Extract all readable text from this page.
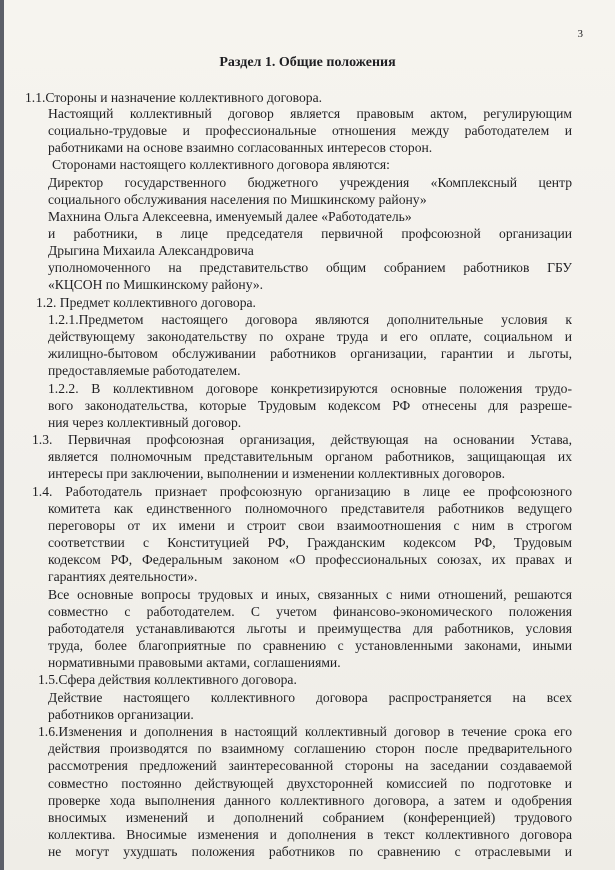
3
Раздел 1. Общие положения
1.1.Стороны и назначение коллективного договора.
Настоящий коллективный договор является правовым актом, регулирующим
социально-трудовые и профессиональные отношения между работодателем и
работниками на основе взаимно согласованных интересов сторон.
Сторонами настоящего коллективного договора являются:
Директор государственного бюджетного учреждения «Комплексный центр
социального обслуживания населения по Мишкинскому району»
Махнина Ольга Алексеевна, именуемый далее «Работодатель»
и работники, в лице председателя первичной профсоюзной организации
Дрыгина Михаила Александровича
уполномоченного на представительство общим собранием работников ГБУ
«КЦСОН по Мишкинскому району».
1.2. Предмет коллективного договора.
1.2.1.Предметом настоящего договора являются дополнительные условия к
действующему законодательству по охране труда и его оплате, социальном и
жилищно-бытовом обслуживании работников организации, гарантии и льготы,
предоставляемые работодателем.
1.2.2. В коллективном договоре конкретизируются основные положения трудо-
вого законодательства, которые Трудовым кодексом РФ отнесены для разреше-
ния через коллективный договор.
1.3. Первичная профсоюзная организация, действующая на основании Устава,
является полномочным представительным органом работников, защищающая их
интересы при заключении, выполнении и изменении коллективных договоров.
1.4. Работодатель признает профсоюзную организацию в лице ее профсоюзного
комитета как единственного полномочного представителя работников ведущего
переговоры от их имени и строит свои взаимоотношения с ним в строгом
соответствии с Конституцией РФ, Гражданским кодексом РФ, Трудовым
кодексом РФ, Федеральным законом «О профессиональных союзах, их правах и
гарантиях деятельности».
Все основные вопросы трудовых и иных, связанных с ними отношений, решаются
совместно с работодателем. С учетом финансово-экономического положения
работодателя устанавливаются льготы и преимущества для работников, условия
труда, более благоприятные по сравнению с установленными законами, иными
нормативными правовыми актами, соглашениями.
1.5.Сфера действия коллективного договора.
Действие настоящего коллективного договора распространяется на всех
работников организации.
1.6.Изменения и дополнения в настоящий коллективный договор в течение срока его
действия производятся по взаимному соглашению сторон после предварительного
рассмотрения предложений заинтересованной стороны на заседании создаваемой
совместно постоянно действующей двухсторонней комиссией по подготовке и
проверке хода выполнения данного коллективного договора, а затем и одобрения
вносимых изменений и дополнений собранием (конференцией) трудового
коллектива. Вносимые изменения и дополнения в текст коллективного договора
не могут ухудшать положения работников по сравнению с отраслевыми и
